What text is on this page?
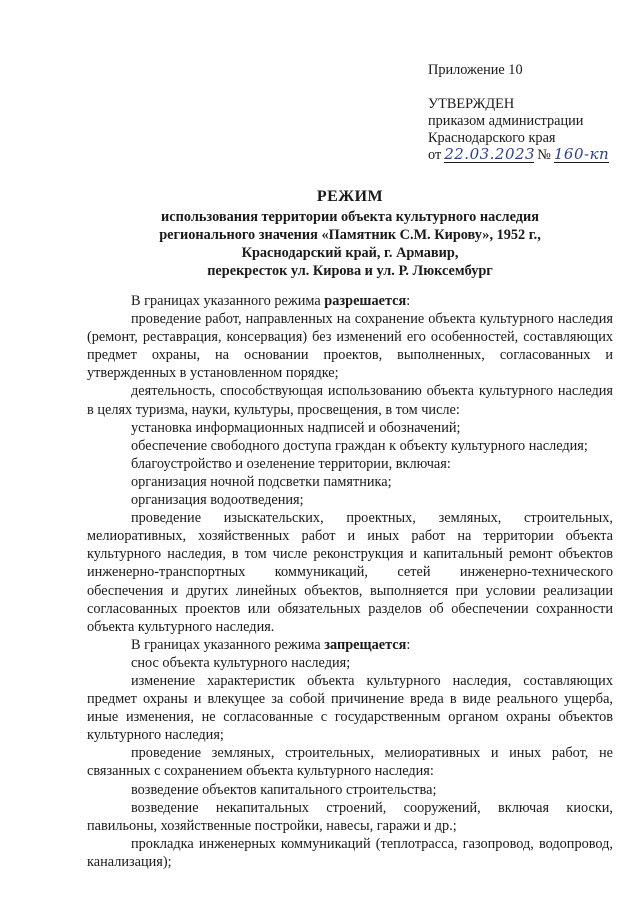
Приложение 10
УТВЕРЖДЕН
приказом администрации
Краснодарского края
от 22.03.2023 № 160-кп
РЕЖИМ
использования территории объекта культурного наследия
регионального значения «Памятник С.М. Кирову», 1952 г.,
Краснодарский край, г. Армавир,
перекресток ул. Кирова и ул. Р. Люксембург

В границах указанного режима разрешается:

проведение работ, направленных на сохранение объекта культурного наследия (ремонт, реставрация, консервация) без изменений его особенностей, составляющих предмет охраны, на основании проектов, выполненных, согласованных и утвержденных в установленном порядке;

деятельность, способствующая использованию объекта культурного наследия в целях туризма, науки, культуры, просвещения, в том числе:

установка информационных надписей и обозначений;

обеспечение свободного доступа граждан к объекту культурного наследия;

благоустройство и озеленение территории, включая:

организация ночной подсветки памятника;

организация водоотведения;

проведение изыскательских, проектных, земляных, строительных, мелиоративных, хозяйственных работ и иных работ на территории объекта культурного наследия, в том числе реконструкция и капитальный ремонт объектов инженерно-транспортных коммуникаций, сетей инженерно-технического обеспечения и других линейных объектов, выполняется при условии реализации согласованных проектов или обязательных разделов об обеспечении сохранности объекта культурного наследия.

В границах указанного режима запрещается:

снос объекта культурного наследия;

изменение характеристик объекта культурного наследия, составляющих предмет охраны и влекущее за собой причинение вреда в виде реального ущерба, иные изменения, не согласованные с государственным органом охраны объектов культурного наследия;

проведение земляных, строительных, мелиоративных и иных работ, не связанных с сохранением объекта культурного наследия:

возведение объектов капитального строительства;

возведение некапитальных строений, сооружений, включая киоски, павильоны, хозяйственные постройки, навесы, гаражи и др.;

прокладка инженерных коммуникаций (теплотрасса, газопровод, водопровод, канализация);
